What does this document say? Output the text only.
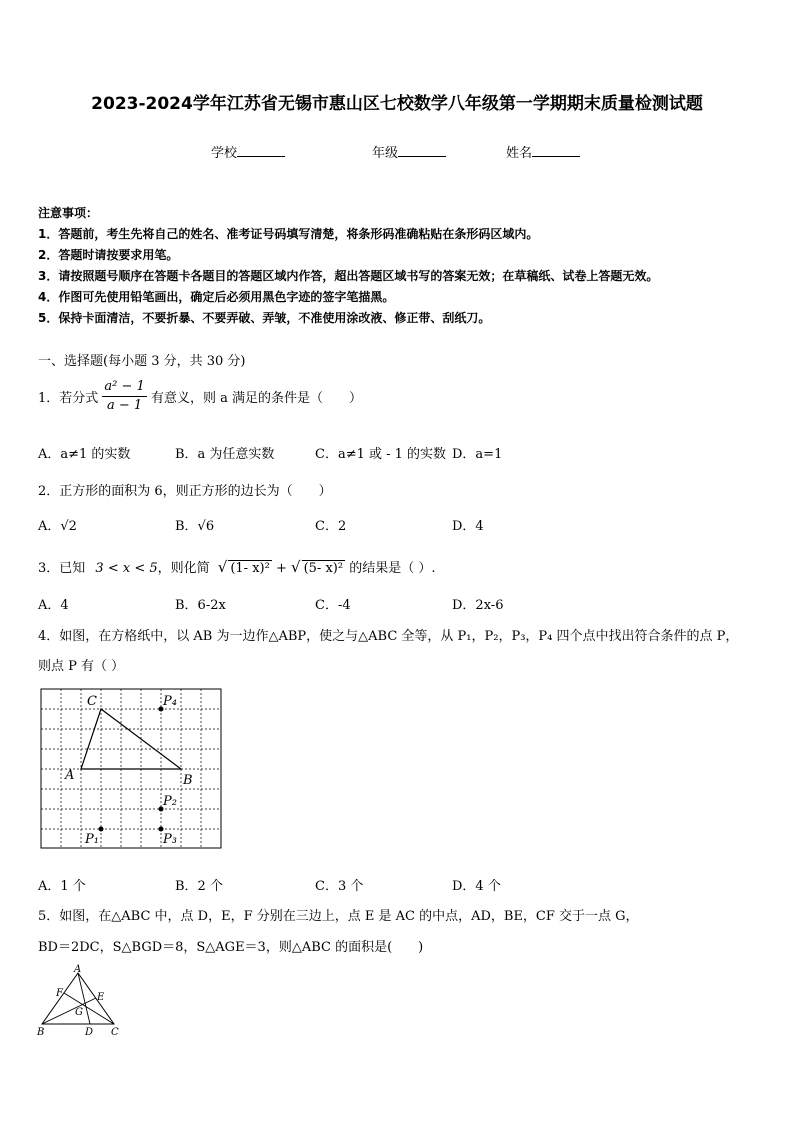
2023-2024学年江苏省无锡市惠山区七校数学八年级第一学期期末质量检测试题
学校	年级	姓名
注意事项：
1．答题前，考生先将自己的姓名、准考证号码填写清楚，将条形码准确粘贴在条形码区域内。
2．答题时请按要求用笔。
3．请按照题号顺序在答题卡各题目的答题区域内作答，超出答题区域书写的答案无效；在草稿纸、试卷上答题无效。
4．作图可先使用铅笔画出，确定后必须用黑色字迹的签字笔描黑。
5．保持卡面清洁，不要折暴、不要弄破、弄皱，不准使用涂改液、修正带、刮纸刀。
一、选择题(每小题 3 分，共 30 分)
1．若分式 $\frac{\text{a² − 1}}{a - 1}$ 有意义，则 a 满足的条件是（　　）
A．a≠1 的实数	B．a 为任意实数	C．a≠1 或 - 1 的实数 D．a=1
2．正方形的面积为 6，则正方形的边长为（　　）
A．√2	B．√6	C．2	D．4
3．已知 3 < x < 5，则化简 √ (1- x)² + √ (5- x)² 的结果是（ ）.
A．4	B．6-2x	C．-4	D．2x-6
4．如图，在方格纸中，以 AB 为一边作△ABP，使之与△ABC 全等，从 P₁，P₂，P₃，P₄ 四个点中找出符合条件的点 P，
则点 P 有（ ）
C	P₄
A	B
P₂
P₁	P₃
A．1 个	B．2 个	C．3 个	D．4 个
5．如图，在△ABC 中，点 D，E，F 分别在三边上，点 E 是 AC 的中点，AD，BE，CF 交于一点 G，
BD＝2DC，S△BGD＝8，S△AGE＝3，则△ABC 的面积是(　　)
A
F	E
G
B	D C
